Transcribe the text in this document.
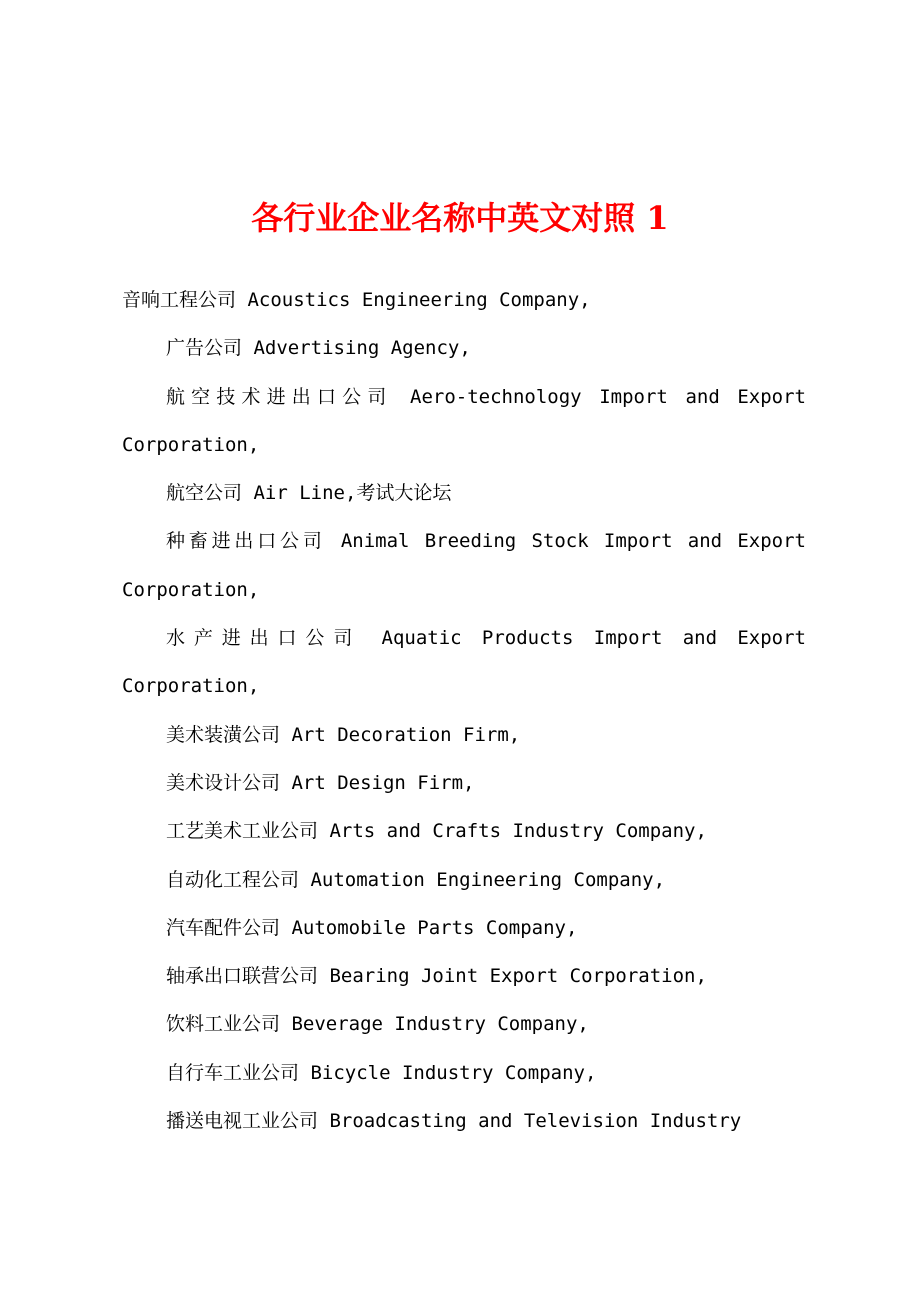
各行业企业名称中英文对照 1

音响工程公司 Acoustics Engineering Company,

广告公司 Advertising Agency,

航空技术进出口公司 Aero-technology Import and Export Corporation,

航空公司 Air Line,考试大论坛

种畜进出口公司 Animal Breeding Stock Import and Export Corporation,

水产进出口公司 Aquatic Products Import and Export Corporation,

美术装潢公司 Art Decoration Firm,

美术设计公司 Art Design Firm,

工艺美术工业公司 Arts and Crafts Industry Company,

自动化工程公司 Automation Engineering Company,

汽车配件公司 Automobile Parts Company,

轴承出口联营公司 Bearing Joint Export Corporation,

饮料工业公司 Beverage Industry Company,

自行车工业公司 Bicycle Industry Company,

播送电视工业公司 Broadcasting and Television Industry
